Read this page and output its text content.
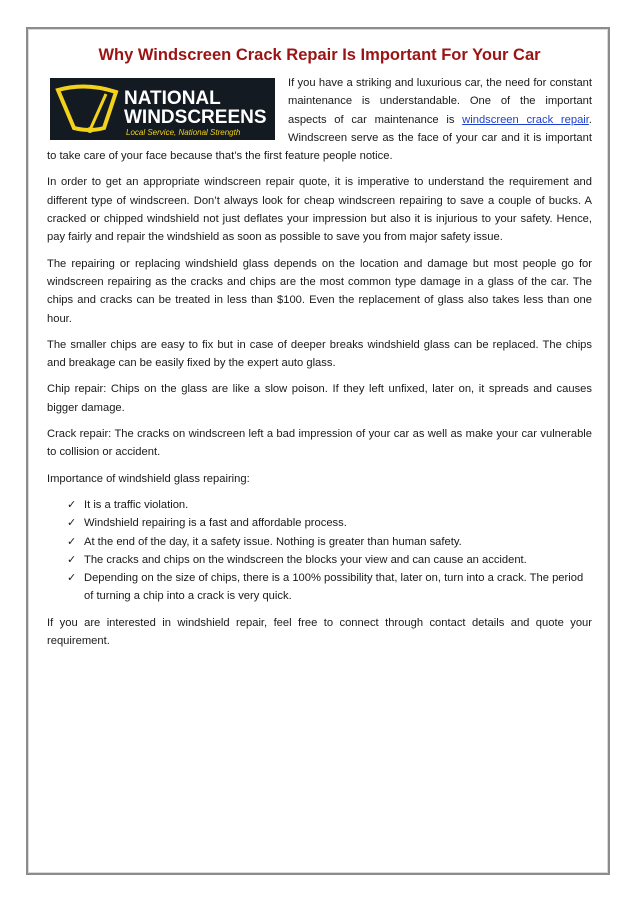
Why Windscreen Crack Repair Is Important For Your Car
NATIONAL
WINDSCREENS
Local Service, National Strength
If you have a striking and luxurious car, the need for constant maintenance is understandable. One of the important aspects of car maintenance is windscreen crack repair. Windscreen serve as the face of your car and it is important to take care of your face because that’s the first feature people notice.

In order to get an appropriate windscreen repair quote, it is imperative to understand the requirement and different type of windscreen. Don’t always look for cheap windscreen repairing to save a couple of bucks. A cracked or chipped windshield not just deflates your impression but also it is injurious to your safety. Hence, pay fairly and repair the windshield as soon as possible to save you from major safety issue.

The repairing or replacing windshield glass depends on the location and damage but most people go for windscreen repairing as the cracks and chips are the most common type damage in a glass of the car. The chips and cracks can be treated in less than $100. Even the replacement of glass also takes less than one hour.

The smaller chips are easy to fix but in case of deeper breaks windshield glass can be replaced. The chips and breakage can be easily fixed by the expert auto glass.

Chip repair: Chips on the glass are like a slow poison. If they left unfixed, later on, it spreads and causes bigger damage.

Crack repair: The cracks on windscreen left a bad impression of your car as well as make your car vulnerable to collision or accident.

Importance of windshield glass repairing:

✓ It is a traffic violation.
✓ Windshield repairing is a fast and affordable process.
✓ At the end of the day, it a safety issue. Nothing is greater than human safety.
✓ The cracks and chips on the windscreen the blocks your view and can cause an accident.
✓ Depending on the size of chips, there is a 100% possibility that, later on, turn into a crack. The period of turning a chip into a crack is very quick.

If you are interested in windshield repair, feel free to connect through contact details and quote your requirement.
